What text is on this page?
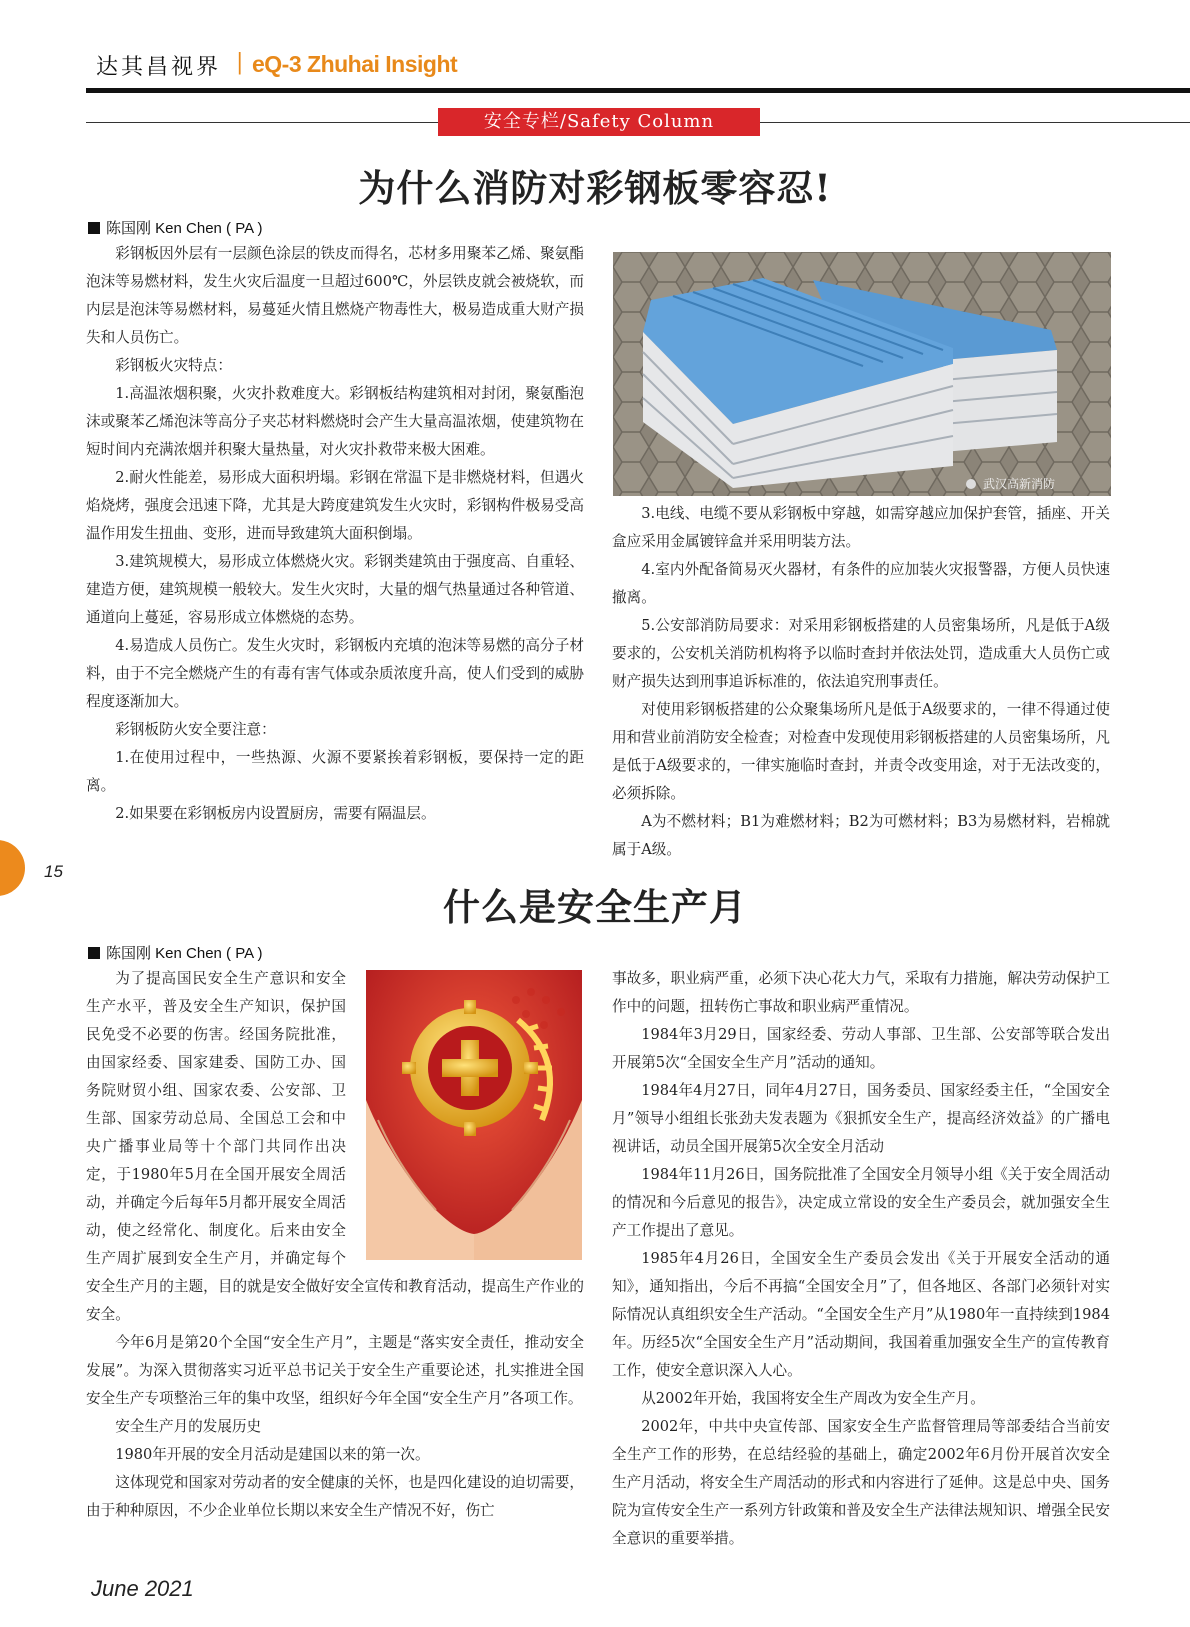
达其昌视界 | eQ-3 Zhuhai Insight
安全专栏/Safety Column
为什么消防对彩钢板零容忍!
陈国刚 Ken Chen ( PA )

彩钢板因外层有一层颜色涂层的铁皮而得名，芯材多用聚苯乙烯、聚氨酯泡沫等易燃材料，发生火灾后温度一旦超过600℃，外层铁皮就会被烧软，而内层是泡沫等易燃材料，易蔓延火情且燃烧产物毒性大，极易造成重大财产损失和人员伤亡。

彩钢板火灾特点：

1.高温浓烟积聚，火灾扑救难度大。彩钢板结构建筑相对封闭，聚氨酯泡沫或聚苯乙烯泡沫等高分子夹芯材料燃烧时会产生大量高温浓烟，使建筑物在短时间内充满浓烟并积聚大量热量，对火灾扑救带来极大困难。

2.耐火性能差，易形成大面积坍塌。彩钢在常温下是非燃烧材料，但遇火焰烧烤，强度会迅速下降，尤其是大跨度建筑发生火灾时，彩钢构件极易受高温作用发生扭曲、变形，进而导致建筑大面积倒塌。

3.建筑规模大，易形成立体燃烧火灾。彩钢类建筑由于强度高、自重轻、建造方便，建筑规模一般较大。发生火灾时，大量的烟气热量通过各种管道、通道向上蔓延，容易形成立体燃烧的态势。

4.易造成人员伤亡。发生火灾时，彩钢板内充填的泡沫等易燃的高分子材料，由于不完全燃烧产生的有毒有害气体或杂质浓度升高，使人们受到的威胁程度逐渐加大。

彩钢板防火安全要注意：

1.在使用过程中，一些热源、火源不要紧挨着彩钢板，要保持一定的距离。

2.如果要在彩钢板房内设置厨房，需要有隔温层。

武汉高新消防

3.电线、电缆不要从彩钢板中穿越，如需穿越应加保护套管，插座、开关盒应采用金属镀锌盒并采用明装方法。

4.室内外配备简易灭火器材，有条件的应加装火灾报警器，方便人员快速撤离。

5.公安部消防局要求：对采用彩钢板搭建的人员密集场所，凡是低于A级要求的，公安机关消防机构将予以临时查封并依法处罚，造成重大人员伤亡或财产损失达到刑事追诉标准的，依法追究刑事责任。

对使用彩钢板搭建的公众聚集场所凡是低于A级要求的，一律不得通过使用和营业前消防安全检查；对检查中发现使用彩钢板搭建的人员密集场所，凡是低于A级要求的，一律实施临时查封，并责令改变用途，对于无法改变的，必须拆除。

A为不燃材料；B1为难燃材料；B2为可燃材料；B3为易燃材料，岩棉就属于A级。

15
什么是安全生产月
陈国刚 Ken Chen ( PA )

为了提高国民安全生产意识和安全生产水平，普及安全生产知识，保护国民免受不必要的伤害。经国务院批准，由国家经委、国家建委、国防工办、国务院财贸小组、国家农委、公安部、卫生部、国家劳动总局、全国总工会和中央广播事业局等十个部门共同作出决定，于1980年5月在全国开展安全周活动，并确定今后每年5月都开展安全周活动，使之经常化、制度化。后来由安全生产周扩展到安全生产月，并确定每个安全生产月的主题，目的就是安全做好安全宣传和教育活动，提高生产作业的安全。

今年6月是第20个全国“安全生产月”，主题是“落实安全责任，推动安全发展”。为深入贯彻落实习近平总书记关于安全生产重要论述，扎实推进全国安全生产专项整治三年的集中攻坚，组织好今年全国“安全生产月”各项工作。

安全生产月的发展历史

1980年开展的安全月活动是建国以来的第一次。

这体现党和国家对劳动者的安全健康的关怀，也是四化建设的迫切需要，由于种种原因，不少企业单位长期以来安全生产情况不好，伤亡

事故多，职业病严重，必须下决心花大力气，采取有力措施，解决劳动保护工作中的问题，扭转伤亡事故和职业病严重情况。

1984年3月29日，国家经委、劳动人事部、卫生部、公安部等联合发出开展第5次“全国安全生产月”活动的通知。

1984年4月27日，同年4月27日，国务委员、国家经委主任，“全国安全月”领导小组组长张劲夫发表题为《狠抓安全生产，提高经济效益》的广播电视讲话，动员全国开展第5次全安全月活动

1984年11月26日，国务院批准了全国安全月领导小组《关于安全周活动的情况和今后意见的报告》，决定成立常设的安全生产委员会，就加强安全生产工作提出了意见。

1985年4月26日，全国安全生产委员会发出《关于开展安全活动的通知》，通知指出，今后不再搞“全国安全月”了，但各地区、各部门必须针对实际情况认真组织安全生产活动。“全国安全生产月”从1980年一直持续到1984年。历经5次“全国安全生产月”活动期间，我国着重加强安全生产的宣传教育工作，使安全意识深入人心。

从2002年开始，我国将安全生产周改为安全生产月。

2002年，中共中央宣传部、国家安全生产监督管理局等部委结合当前安全生产工作的形势，在总结经验的基础上，确定2002年6月份开展首次安全生产月活动，将安全生产周活动的形式和内容进行了延伸。这是总中央、国务院为宣传安全生产一系列方针政策和普及安全生产法律法规知识、增强全民安全意识的重要举措。

June 2021
